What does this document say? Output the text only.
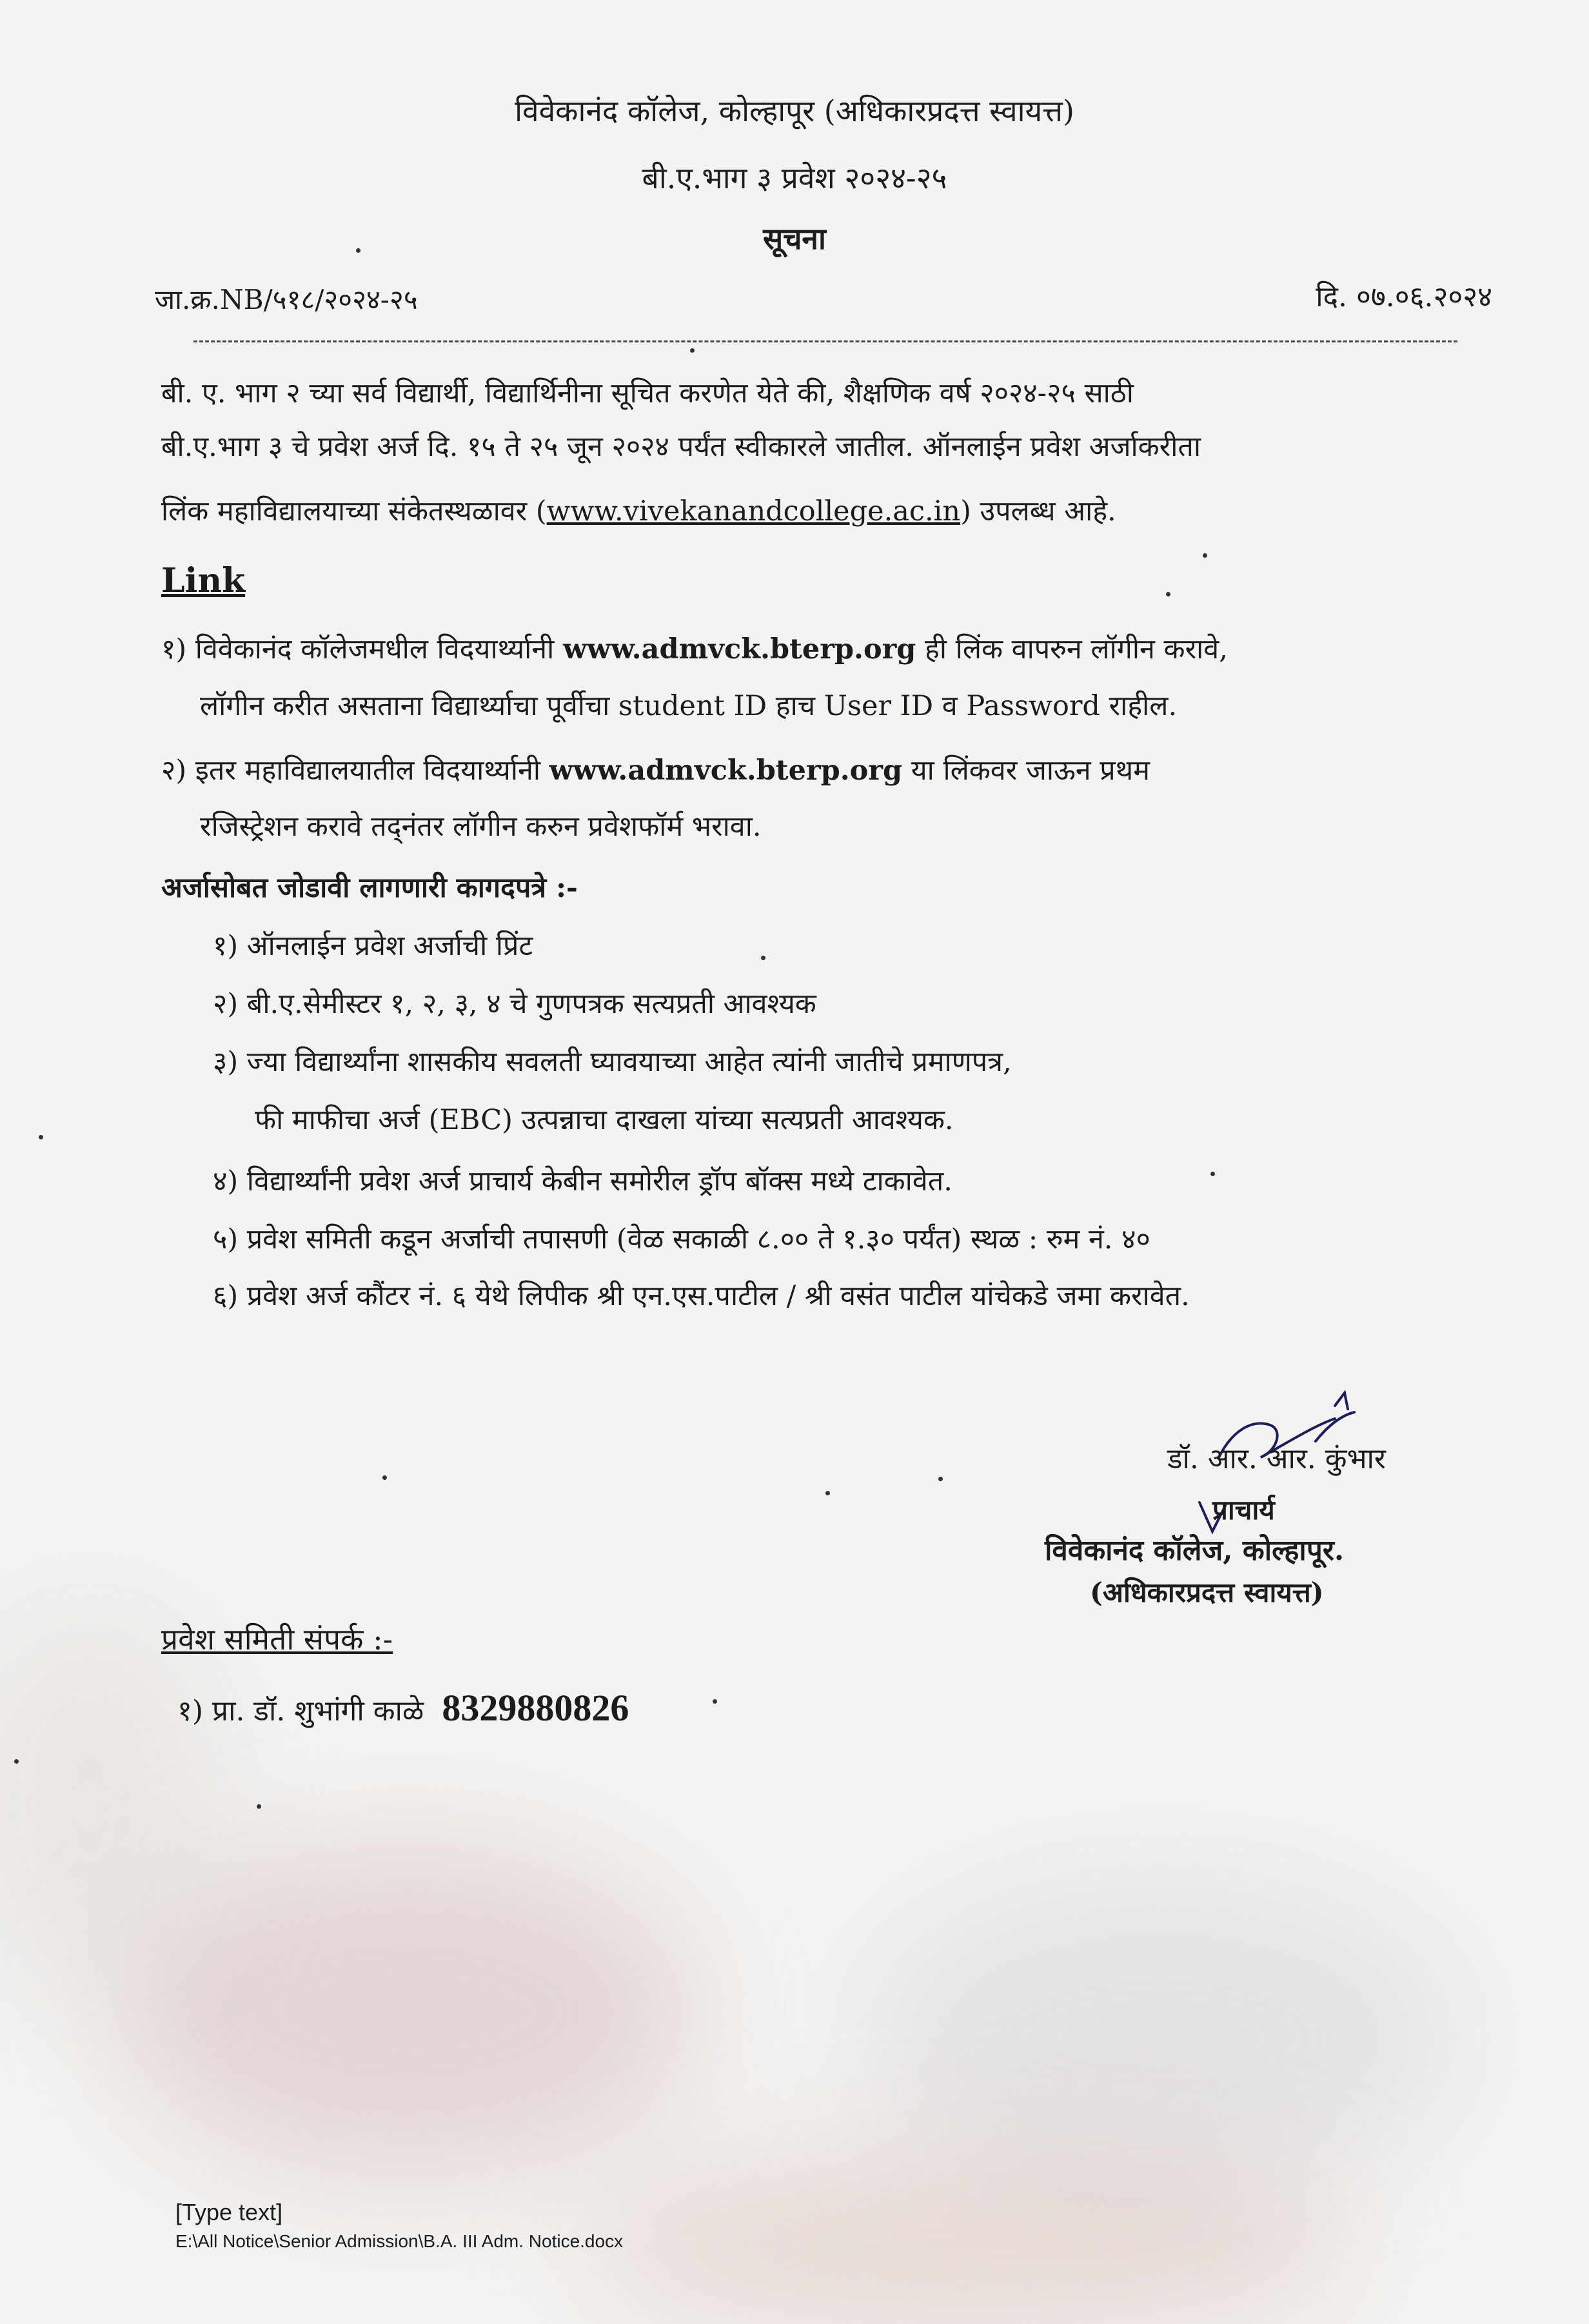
विवेकानंद कॉलेज, कोल्हापूर (अधिकारप्रदत्त स्वायत्त)
बी.ए.भाग ३ प्रवेश २०२४-२५
सूचना
जा.क्र.NB/५१८/२०२४-२५	दि. ०७.०६.२०२४
बी. ए. भाग २ च्या सर्व विद्यार्थी, विद्यार्थिनीना सूचित करणेत येते की, शैक्षणिक वर्ष २०२४-२५ साठी
बी.ए.भाग ३ चे प्रवेश अर्ज दि. १५ ते २५ जून २०२४ पर्यंत स्वीकारले जातील. ऑनलाईन प्रवेश अर्जाकरीता
लिंक महाविद्यालयाच्या संकेतस्थळावर (www.vivekanandcollege.ac.in) उपलब्ध आहे.
Link
१) विवेकानंद कॉलेजमधील विदयार्थ्यानी www.admvck.bterp.org ही लिंक वापरुन लॉगीन करावे,
लॉगीन करीत असताना विद्यार्थ्याचा पूर्वीचा student ID हाच User ID व Password राहील.
२) इतर महाविद्यालयातील विदयार्थ्यानी www.admvck.bterp.org या लिंकवर जाऊन प्रथम
रजिस्ट्रेशन करावे तद्नंतर लॉगीन करुन प्रवेशफॉर्म भरावा.
अर्जासोबत जोडावी लागणारी कागदपत्रे :-
१) ऑनलाईन प्रवेश अर्जाची प्रिंट
२) बी.ए.सेमीस्टर १, २, ३, ४ चे गुणपत्रक सत्यप्रती आवश्यक
३) ज्या विद्यार्थ्यांना शासकीय सवलती घ्यावयाच्या आहेत त्यांनी जातीचे प्रमाणपत्र,
फी माफीचा अर्ज (EBC) उत्पन्नाचा दाखला यांच्या सत्यप्रती आवश्यक.
४) विद्यार्थ्यांनी प्रवेश अर्ज प्राचार्य केबीन समोरील ड्रॉप बॉक्स मध्ये टाकावेत.
५) प्रवेश समिती कडून अर्जाची तपासणी (वेळ सकाळी ८.०० ते १.३० पर्यंत) स्थळ : रुम नं. ४०
६) प्रवेश अर्ज कौंटर नं. ६ येथे लिपीक श्री एन.एस.पाटील / श्री वसंत पाटील यांचेकडे जमा करावेत.
डॉ. आर. आर. कुंभार
प्राचार्य
विवेकानंद कॉलेज, कोल्हापूर.
(अधिकारप्रदत्त स्वायत्त)
प्रवेश समिती संपर्क :-
१) प्रा. डॉ. शुभांगी काळे 8329880826
[Type text]
E:\All Notice\Senior Admission\B.A. III Adm. Notice.docx
